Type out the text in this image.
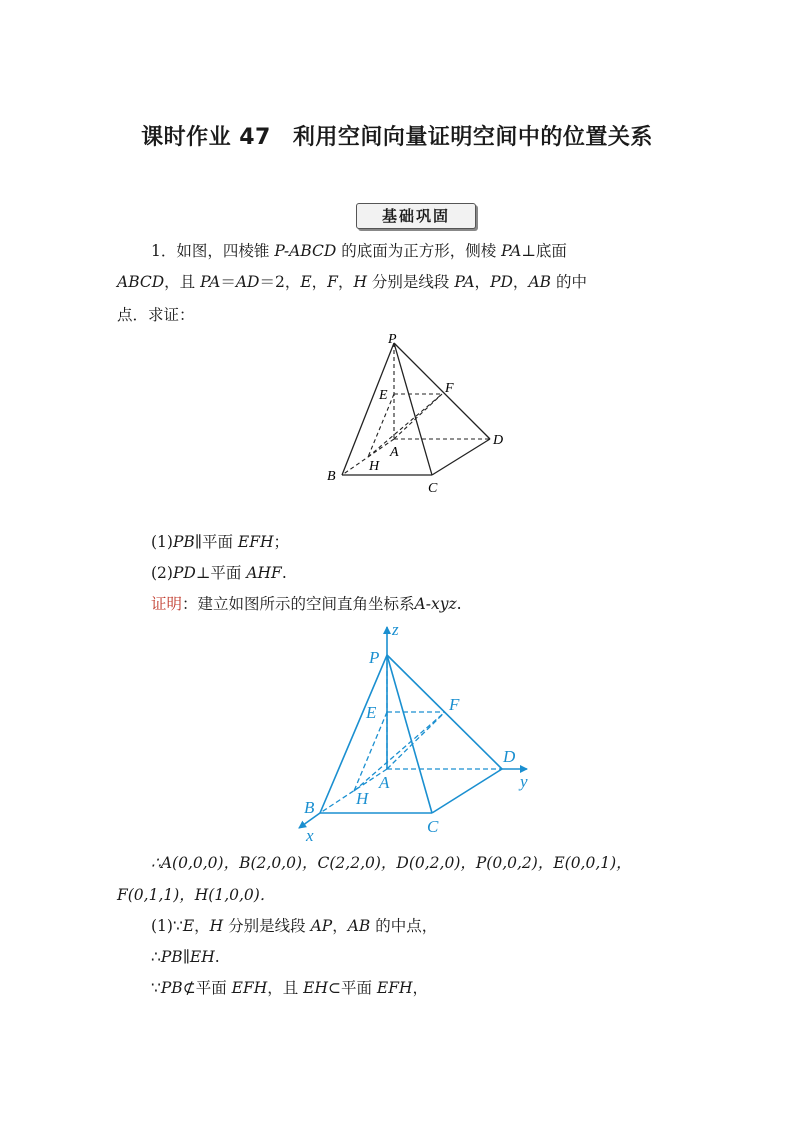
课时作业 47 利用空间向量证明空间中的位置关系
基础巩固
1．如图，四棱锥 P-ABCD 的底面为正方形，侧棱 PA⊥底面
ABCD，且 PA＝AD＝2，E，F，H 分别是线段 PA，PD，AB 的中
点．求证：
P
E	F
A
D
H
B
C
(1)PB∥平面 EFH；
(2)PD⊥平面 AHF.
证明：建立如图所示的空间直角坐标系A-xyz.
z
P
E	F
A
D
y
B H
C
x
∴A(0,0,0)，B(2,0,0)，C(2,2,0)，D(0,2,0)，P(0,0,2)，E(0,0,1)，
F(0,1,1)，H(1,0,0)．
(1)∵E，H 分别是线段 AP，AB 的中点，
∴PB∥EH.
∵PB⊄平面 EFH，且 EH⊂平面 EFH，
